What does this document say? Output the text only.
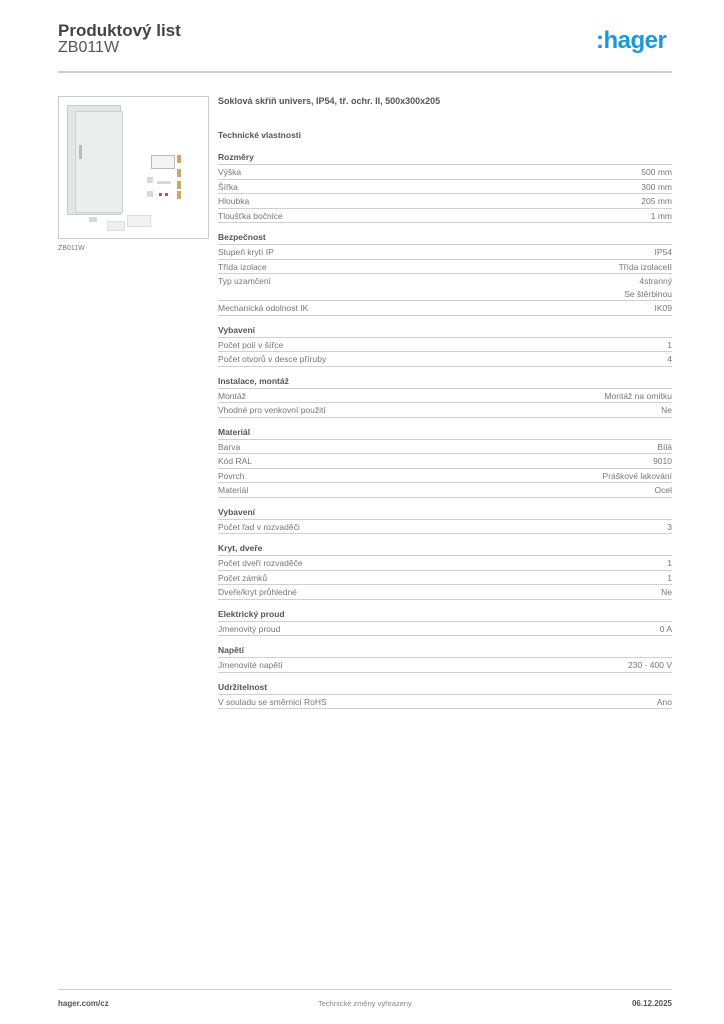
Produktový list
ZB011W	:hager
ZB011W
Soklová skříň univers, IP54, tř. ochr. II, 500x300x205
Technické vlastnosti
Rozměry
Výška	500 mm
Šířka	300 mm
Hloubka	205 mm
Tloušťka bočnice	1 mm
Bezpečnost
Stupeň krytí IP	IP54
Třída izolace	Třída izolaceII
Typ uzamčení	4stranný
Se štěrbinou
Mechanická odolnost IK	IK09
Vybavení
Počet polí v šířce	1
Počet otvorů v desce příruby	4
Instalace, montáž
Montáž	Montáž na omítku
Vhodné pro venkovní použití	Ne
Materiál
Barva	Bílá
Kód RAL	9010
Povrch	Práškové lakování
Materiál	Ocel
Vybavení
Počet řad v rozvaděči	3
Kryt, dveře
Počet dveří rozvaděče	1
Počet zámků	1
Dveře/kryt průhledné	Ne
Elektrický proud
Jmenovitý proud	0 A
Napětí
Jmenovité napětí	230 - 400 V
Udržitelnost
V souladu se směrnicí RoHS	Ano
hager.com/cz	Technické změny vyhrazeny	06.12.2025
